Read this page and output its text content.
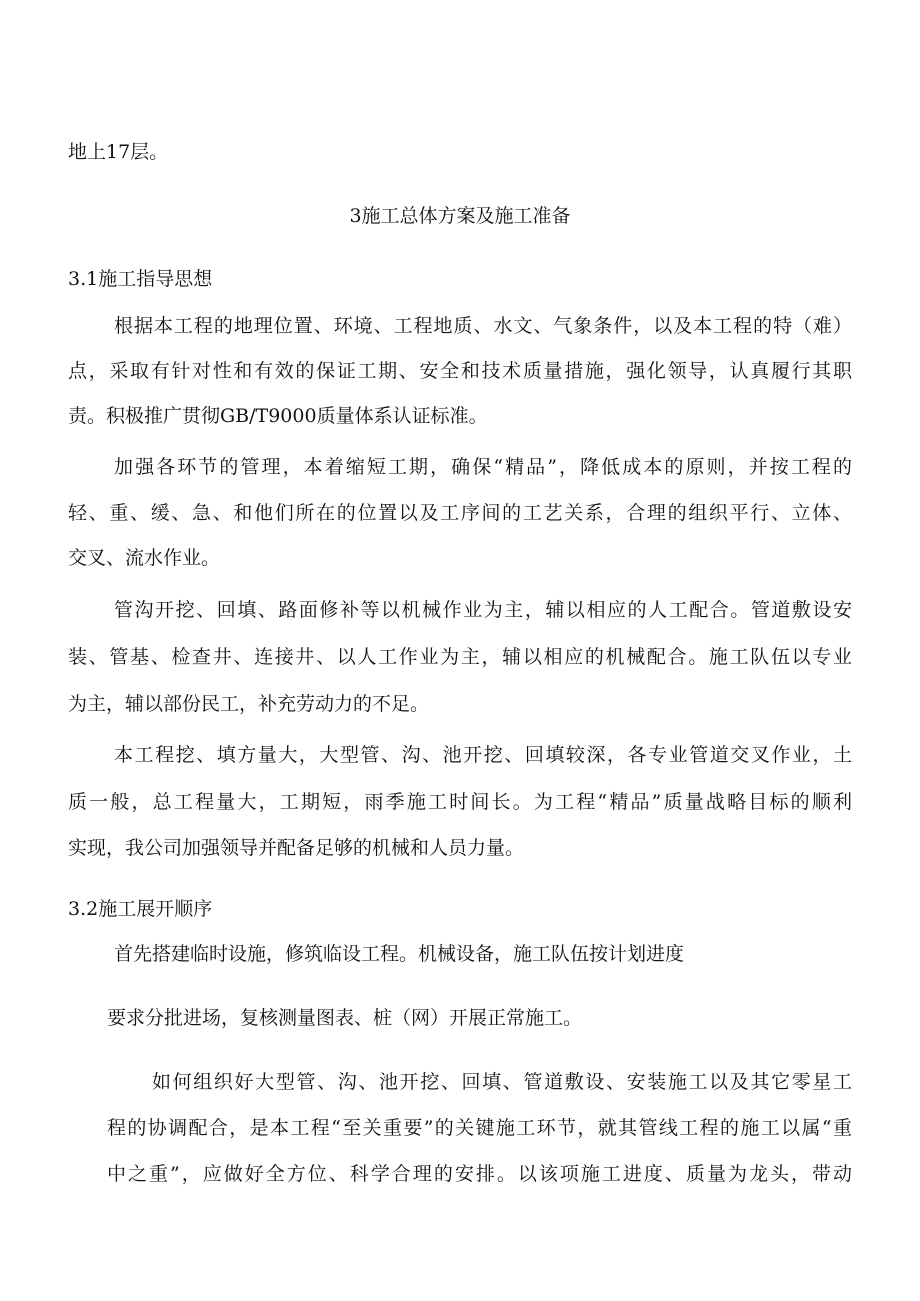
地上17层。
3施工总体方案及施工准备
3.1施工指导思想
根据本工程的地理位置、环境、工程地质、水文、气象条件，以及本工程的特（难）
点，采取有针对性和有效的保证工期、安全和技术质量措施，强化领导，认真履行其职
责。积极推广贯彻GB/T9000质量体系认证标准。
加强各环节的管理，本着缩短工期，确保“精品”，降低成本的原则，并按工程的
轻、重、缓、急、和他们所在的位置以及工序间的工艺关系，合理的组织平行、立体、
交叉、流水作业。
管沟开挖、回填、路面修补等以机械作业为主，辅以相应的人工配合。管道敷设安
装、管基、检查井、连接井、以人工作业为主，辅以相应的机械配合。施工队伍以专业
为主，辅以部份民工，补充劳动力的不足。
本工程挖、填方量大，大型管、沟、池开挖、回填较深，各专业管道交叉作业，土
质一般，总工程量大，工期短，雨季施工时间长。为工程“精品”质量战略目标的顺利
实现，我公司加强领导并配备足够的机械和人员力量。
3.2施工展开顺序
首先搭建临时设施，修筑临设工程。机械设备，施工队伍按计划进度
要求分批进场，复核测量图表、桩（网）开展正常施工。
如何组织好大型管、沟、池开挖、回填、管道敷设、安装施工以及其它零星工
程的协调配合，是本工程“至关重要”的关键施工环节，就其管线工程的施工以属“重
中之重”，应做好全方位、科学合理的安排。以该项施工进度、质量为龙头，带动
